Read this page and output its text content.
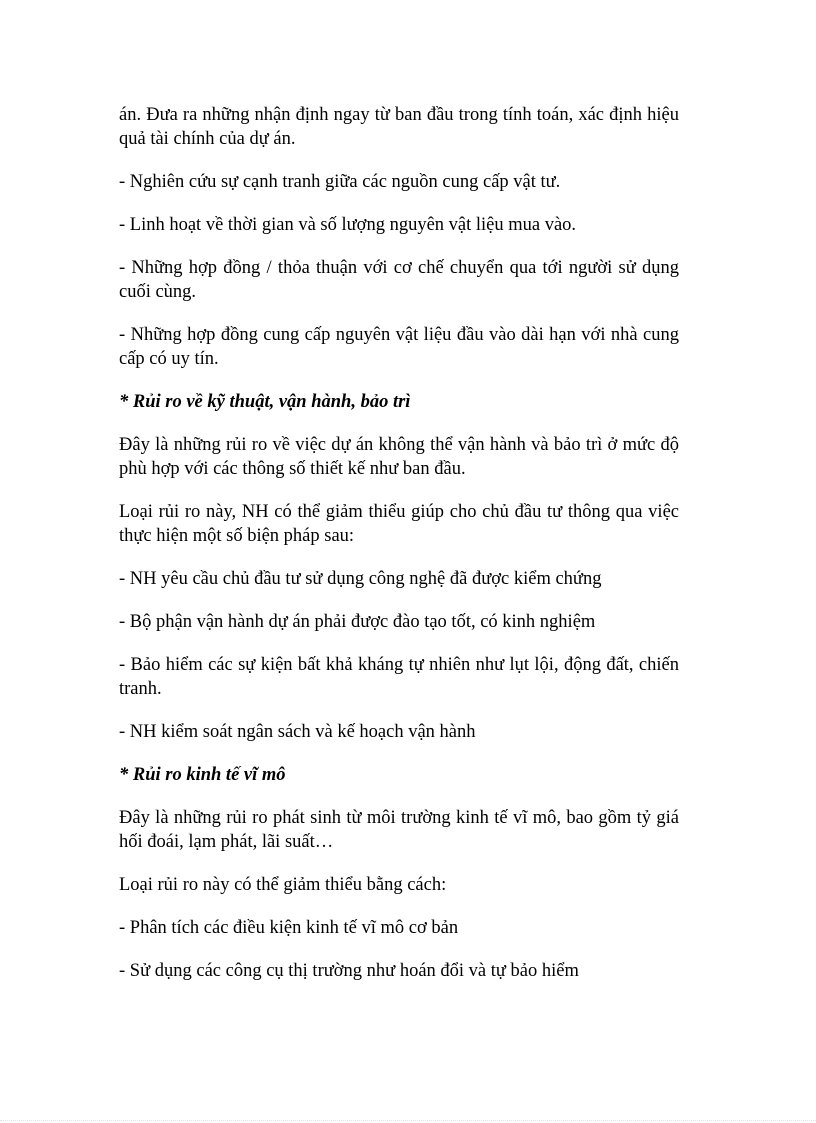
án. Đưa ra những nhận định ngay từ ban đầu trong tính toán, xác định hiệu quả tài chính của dự án.

- Nghiên cứu sự cạnh tranh giữa các nguồn cung cấp vật tư.

- Linh hoạt về thời gian và số lượng nguyên vật liệu mua vào.

- Những hợp đồng / thỏa thuận với cơ chế chuyển qua tới người sử dụng cuối cùng.

- Những hợp đồng cung cấp nguyên vật liệu đầu vào dài hạn với nhà cung cấp có uy tín.

* Rủi ro về kỹ thuật, vận hành, bảo trì

Đây là những rủi ro về việc dự án không thể vận hành và bảo trì ở mức độ phù hợp với các thông số thiết kế như ban đầu.

Loại rủi ro này, NH có thể giảm thiểu giúp cho chủ đầu tư thông qua việc thực hiện một số biện pháp sau:

- NH yêu cầu chủ đầu tư sử dụng công nghệ đã được kiểm chứng

- Bộ phận vận hành dự án phải được đào tạo tốt, có kinh nghiệm

- Bảo hiểm các sự kiện bất khả kháng tự nhiên như lụt lội, động đất, chiến tranh.

- NH kiểm soát ngân sách và kế hoạch vận hành

* Rủi ro kinh tế vĩ mô

Đây là những rủi ro phát sinh từ môi trường kinh tế vĩ mô, bao gồm tỷ giá hối đoái, lạm phát, lãi suất…

Loại rủi ro này có thể giảm thiểu bằng cách:

- Phân tích các điều kiện kinh tế vĩ mô cơ bản

- Sử dụng các công cụ thị trường như hoán đổi và tự bảo hiểm
